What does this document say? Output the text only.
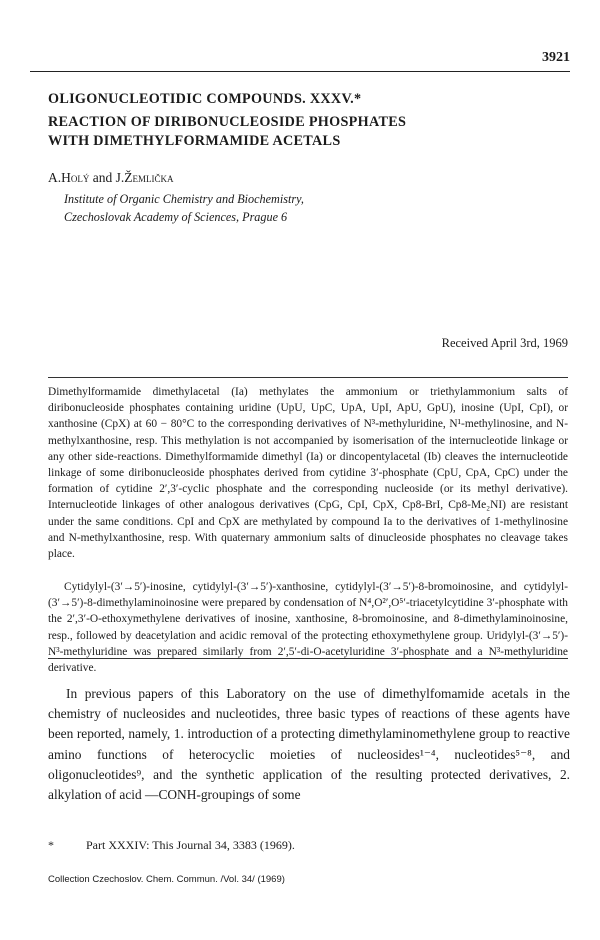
3921
OLIGONUCLEOTIDIC COMPOUNDS. XXXV.*
REACTION OF DIRIBONUCLEOSIDE PHOSPHATES
WITH DIMETHYLFORMAMIDE ACETALS
A.Holý and J.Žemlička
Institute of Organic Chemistry and Biochemistry,
Czechoslovak Academy of Sciences, Prague 6
Received April 3rd, 1969
Dimethylformamide dimethylacetal (Ia) methylates the ammonium or triethylammonium salts of diribonucleoside phosphates containing uridine (UpU, UpC, UpA, UpI, ApU, GpU), inosine (UpI, CpI), or xanthosine (CpX) at 60 − 80°C to the corresponding derivatives of N³-methyluridine, N¹-methylinosine, and N-methylxanthosine, resp. This methylation is not accompanied by isomerisation of the internucleotide linkage or any other side-reactions. Dimethylformamide dimethyl (Ia) or dincopentylacetal (Ib) cleaves the internucleotide linkage of some diribonucleoside phosphates derived from cytidine 3′-phosphate (CpU, CpA, CpC) under the formation of cytidine 2′,3′-cyclic phosphate and the corresponding nucleoside (or its methyl derivative). Internucleotide linkages of other analogous derivatives (CpG, CpI, CpX, Cp8-BrI, Cp8-Me₂NI) are resistant under the same conditions. CpI and CpX are methylated by compound Ia to the derivatives of 1-methylinosine and N-methylxanthosine, resp. With quaternary ammonium salts of dinucleoside phosphates no cleavage takes place.
Cytidylyl-(3′→5′)-inosine, cytidylyl-(3′→5′)-xanthosine, cytidylyl-(3′→5′)-8-bromoinosine, and cytidylyl-(3′→5′)-8-dimethylaminoinosine were prepared by condensation of N⁴,O²′,O⁵′-triacetylcytidine 3′-phosphate with the 2′,3′-O-ethoxymethylene derivatives of inosine, xanthosine, 8-bromoinosine, and 8-dimethylaminoinosine, resp., followed by deacetylation and acidic removal of the protecting ethoxymethylene group. Uridylyl-(3′→5′)-N³-methyluridine was prepared similarly from 2′,5′-di-O-acetyluridine 3′-phosphate and a N³-methyluridine derivative.
In previous papers of this Laboratory on the use of dimethylfomamide acetals in the chemistry of nucleosides and nucleotides, three basic types of reactions of these agents have been reported, namely, 1. introduction of a protecting dimethylaminomethylene group to reactive amino functions of heterocyclic moieties of nucleosides¹⁻⁴, nucleotides⁵⁻⁸, and oligonucleotides⁹, and the synthetic application of the resulting protected derivatives, 2. alkylation of acid —CONH-groupings of some
*	Part XXXIV: This Journal 34, 3383 (1969).
Collection Czechoslov. Chem. Commun. /Vol. 34/ (1969)
